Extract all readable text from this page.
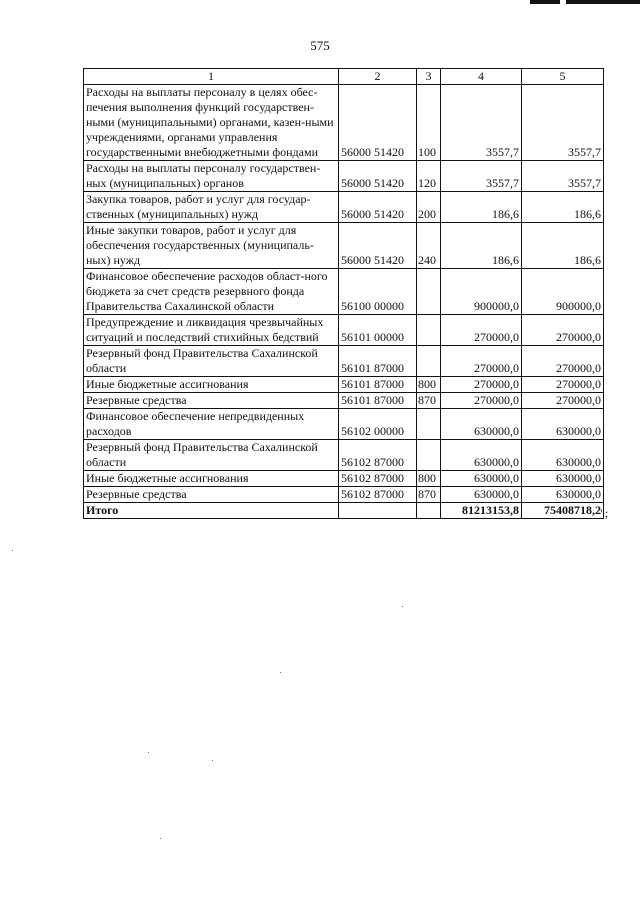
575
1	2	3	4	5
Расходы на выплаты персоналу в целях обес-печения выполнения функций государствен-ными (муниципальными) органами, казен-ными учреждениями, органами управления государственными внебюджетными фондами	56000 51420	100	3557,7	3557,7
Расходы на выплаты персоналу государствен-ных (муниципальных) органов	56000 51420	120	3557,7	3557,7
Закупка товаров, работ и услуг для государ-ственных (муниципальных) нужд	56000 51420	200	186,6	186,6
Иные закупки товаров, работ и услуг для обеспечения государственных (муниципаль-ных) нужд	56000 51420	240	186,6	186,6
Финансовое обеспечение расходов област-ного бюджета за счет средств резервного фонда Правительства Сахалинской области	56100 00000		900000,0	900000,0
Предупреждение и ликвидация чрезвычайных ситуаций и последствий стихийных бедствий	56101 00000		270000,0	270000,0
Резервный фонд Правительства Сахалинской области	56101 87000		270000,0	270000,0
Иные бюджетные ассигнования	56101 87000	800	270000,0	270000,0
Резервные средства	56101 87000	870	270000,0	270000,0
Финансовое обеспечение непредвиденных расходов	56102 00000		630000,0	630000,0
Резервный фонд Правительства Сахалинской области	56102 87000		630000,0	630000,0
Иные бюджетные ассигнования	56102 87000	800	630000,0	630000,0
Резервные средства	56102 87000	870	630000,0	630000,0
Итого			81213153,8	75408718,2 ";
